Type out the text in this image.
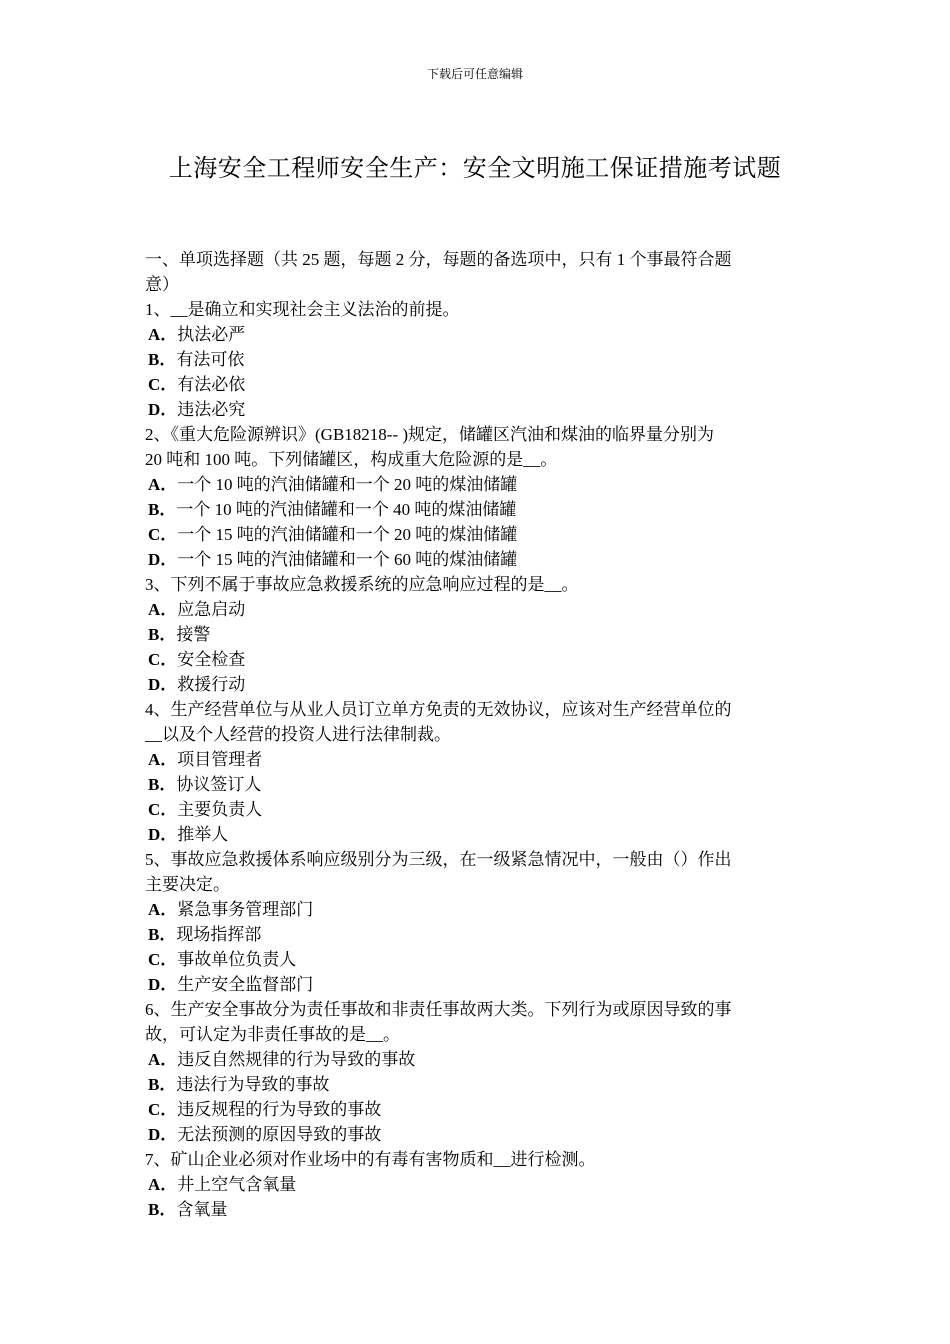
下载后可任意编辑
上海安全工程师安全生产：安全文明施工保证措施考试题
一、单项选择题（共 25 题，每题 2 分，每题的备选项中，只有 1 个事最符合题
意）
1、__是确立和实现社会主义法治的前提。
A．执法必严
B．有法可依
C．有法必依
D．违法必究
2、《重大危险源辨识》(GB18218-- )规定，储罐区汽油和煤油的临界量分别为
20 吨和 100 吨。下列储罐区，构成重大危险源的是__。
A．一个 10 吨的汽油储罐和一个 20 吨的煤油储罐
B．一个 10 吨的汽油储罐和一个 40 吨的煤油储罐
C．一个 15 吨的汽油储罐和一个 20 吨的煤油储罐
D．一个 15 吨的汽油储罐和一个 60 吨的煤油储罐
3、下列不属于事故应急救援系统的应急响应过程的是__。
A．应急启动
B．接警
C．安全检查
D．救援行动
4、生产经营单位与从业人员订立单方免责的无效协议，应该对生产经营单位的
__以及个人经营的投资人进行法律制裁。
A．项目管理者
B．协议签订人
C．主要负责人
D．推举人
5、事故应急救援体系响应级别分为三级，在一级紧急情况中，一般由（）作出
主要决定。
A．紧急事务管理部门
B．现场指挥部
C．事故单位负责人
D．生产安全监督部门
6、生产安全事故分为责任事故和非责任事故两大类。下列行为或原因导致的事
故，可认定为非责任事故的是__。
A．违反自然规律的行为导致的事故
B．违法行为导致的事故
C．违反规程的行为导致的事故
D．无法预测的原因导致的事故
7、矿山企业必须对作业场中的有毒有害物质和__进行检测。
A．井上空气含氧量
B．含氧量
